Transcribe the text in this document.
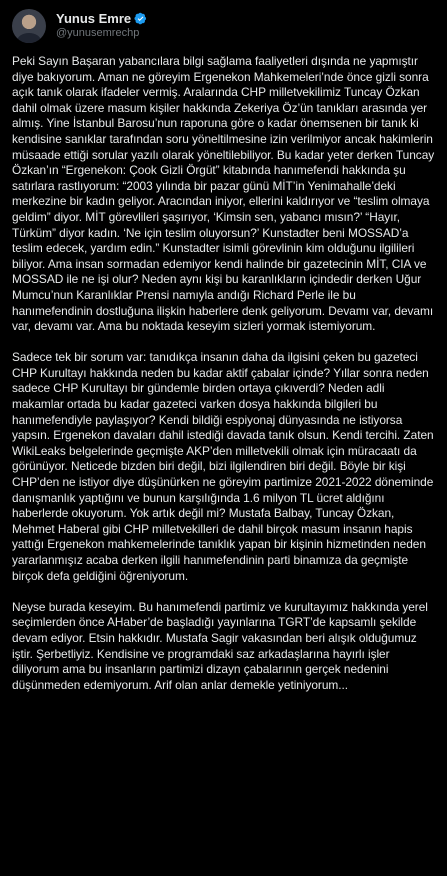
Yunus Emre
@yunusemrechp

Peki Sayın Başaran yabancılara bilgi sağlama faaliyetleri dışında ne yapmıştır diye bakıyorum. Aman ne göreyim Ergenekon Mahkemeleri’nde önce gizli sonra açık tanık olarak ifadeler vermiş. Aralarında CHP milletvekilimiz Tuncay Özkan dahil olmak üzere masum kişiler hakkında Zekeriya Öz’ün tanıkları arasında yer almış. Yine İstanbul Barosu’nun raporuna göre o kadar önemsenen bir tanık ki kendisine sanıklar tarafından soru yöneltilmesine izin verilmiyor ancak hakimlerin müsaade ettiği sorular yazılı olarak yöneltilebiliyor. Bu kadar yeter derken Tuncay Özkan’ın “Ergenekon: Çook Gizli Örgüt” kitabında hanımefendi hakkında şu satırlara rastlıyorum: “2003 yılında bir pazar günü MİT’in Yenimahalle’deki merkezine bir kadın geliyor. Aracından iniyor, ellerini kaldırıyor ve “teslim olmaya geldim” diyor. MİT görevlileri şaşırıyor, ‘Kimsin sen, yabancı mısın?’ “Hayır, Türküm” diyor kadın. ‘Ne için teslim oluyorsun?’ Kunstadter beni MOSSAD’a teslim edecek, yardım edin.” Kunstadter isimli görevlinin kim olduğunu ilgilileri biliyor. Ama insan sormadan edemiyor kendi halinde bir gazetecinin MİT, CIA ve MOSSAD ile ne işi olur? Neden aynı kişi bu karanlıkların içindedir derken Uğur Mumcu’nun Karanlıklar Prensi namıyla andığı Richard Perle ile bu hanımefendinin dostluğuna ilişkin haberlere denk geliyorum. Devamı var, devamı var, devamı var. Ama bu noktada keseyim sizleri yormak istemiyorum.

Sadece tek bir sorum var: tanıdıkça insanın daha da ilgisini çeken bu gazeteci CHP Kurultayı hakkında neden bu kadar aktif çabalar içinde? Yıllar sonra neden sadece CHP Kurultayı bir gündemle birden ortaya çıkıverdi? Neden adli makamlar ortada bu kadar gazeteci varken dosya hakkında bilgileri bu hanımefendiyle paylaşıyor? Kendi bildiği espiyonaj dünyasında ne istiyorsa yapsın. Ergenekon davaları dahil istediği davada tanık olsun. Kendi tercihi. Zaten WikiLeaks belgelerinde geçmişte AKP’den milletvekili olmak için müracaatı da görünüyor. Neticede bizden biri değil, bizi ilgilendiren biri değil. Böyle bir kişi CHP’den ne istiyor diye düşünürken ne göreyim partimize 2021-2022 döneminde danışmanlık yaptığını ve bunun karşılığında 1.6 milyon TL ücret aldığını haberlerde okuyorum. Yok artık değil mi? Mustafa Balbay, Tuncay Özkan, Mehmet Haberal gibi CHP milletvekilleri de dahil birçok masum insanın hapis yattığı Ergenekon mahkemelerinde tanıklık yapan bir kişinin hizmetinden neden yararlanmışız acaba derken ilgili hanımefendinin parti binamıza da geçmişte birçok defa geldiğini öğreniyorum.

Neyse burada keseyim. Bu hanımefendi partimiz ve kurultayımız hakkında yerel seçimlerden önce AHaber’de başladığı yayınlarına TGRT’de kapsamlı şekilde devam ediyor. Etsin hakkıdır. Mustafa Sagir vakasından beri alışık olduğumuz iştir. Şerbetliyiz. Kendisine ve programdaki saz arkadaşlarına hayırlı işler diliyorum ama bu insanların partimizi dizayn çabalarının gerçek nedenini düşünmeden edemiyorum. Arif olan anlar demekle yetiniyorum...
